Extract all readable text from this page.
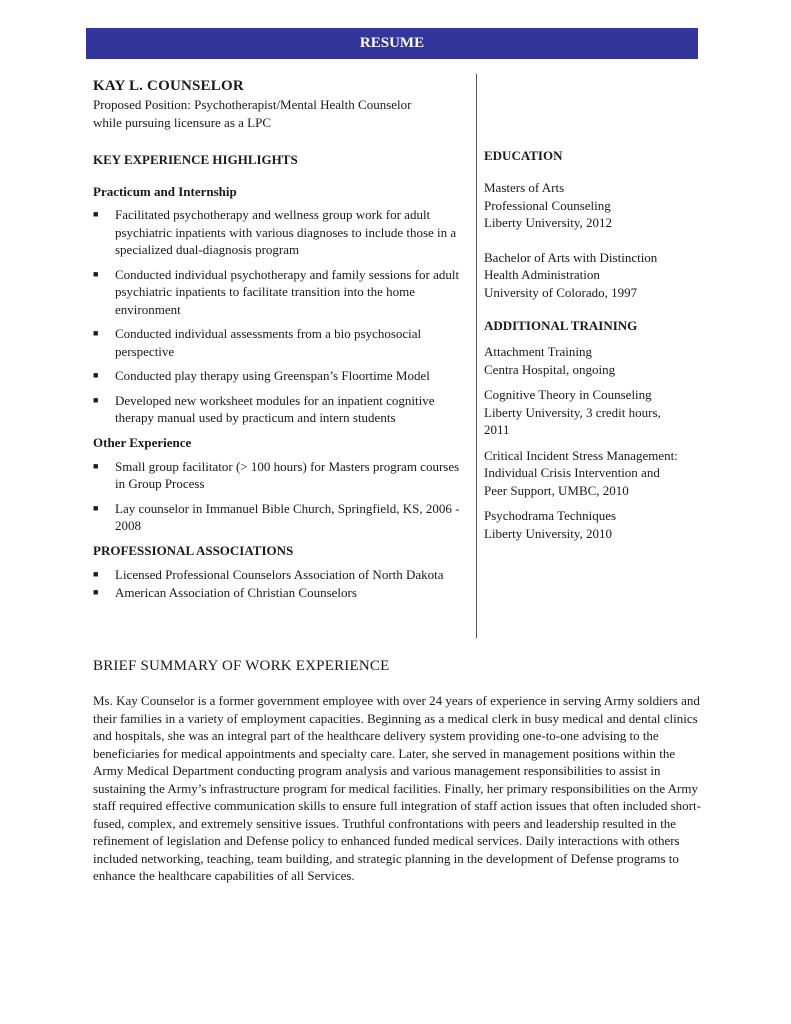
RESUME
KAY L. COUNSELOR
Proposed Position: Psychotherapist/Mental Health Counselor
while pursuing licensure as a LPC
KEY EXPERIENCE HIGHLIGHTS
Practicum and Internship
■ Facilitated psychotherapy and wellness group work for adult psychiatric inpatients with various diagnoses to include those in a specialized dual-diagnosis program
■ Conducted individual psychotherapy and family sessions for adult psychiatric inpatients to facilitate transition into the home environment
■ Conducted individual assessments from a bio psychosocial perspective
■ Conducted play therapy using Greenspan’s Floortime Model
■ Developed new worksheet modules for an inpatient cognitive therapy manual used by practicum and intern students
Other Experience
■ Small group facilitator (> 100 hours) for Masters program courses in Group Process
■ Lay counselor in Immanuel Bible Church, Springfield, KS, 2006 - 2008
PROFESSIONAL ASSOCIATIONS
■ Licensed Professional Counselors Association of North Dakota
■ American Association of Christian Counselors
EDUCATION
Masters of Arts
Professional Counseling
Liberty University, 2012
Bachelor of Arts with Distinction
Health Administration
University of Colorado, 1997
ADDITIONAL TRAINING
Attachment Training
Centra Hospital, ongoing
Cognitive Theory in Counseling
Liberty University, 3 credit hours,
2011
Critical Incident Stress Management:
Individual Crisis Intervention and
Peer Support, UMBC, 2010
Psychodrama Techniques
Liberty University, 2010
BRIEF SUMMARY OF WORK EXPERIENCE
Ms. Kay Counselor is a former government employee with over 24 years of experience in serving Army soldiers and their families in a variety of employment capacities. Beginning as a medical clerk in busy medical and dental clinics and hospitals, she was an integral part of the healthcare delivery system providing one-to-one advising to the beneficiaries for medical appointments and specialty care. Later, she served in management positions within the Army Medical Department conducting program analysis and various management responsibilities to assist in sustaining the Army’s infrastructure program for medical facilities. Finally, her primary responsibilities on the Army staff required effective communication skills to ensure full integration of staff action issues that often included short-fused, complex, and extremely sensitive issues. Truthful confrontations with peers and leadership resulted in the refinement of legislation and Defense policy to enhanced funded medical services. Daily interactions with others included networking, teaching, team building, and strategic planning in the development of Defense programs to enhance the healthcare capabilities of all Services.
